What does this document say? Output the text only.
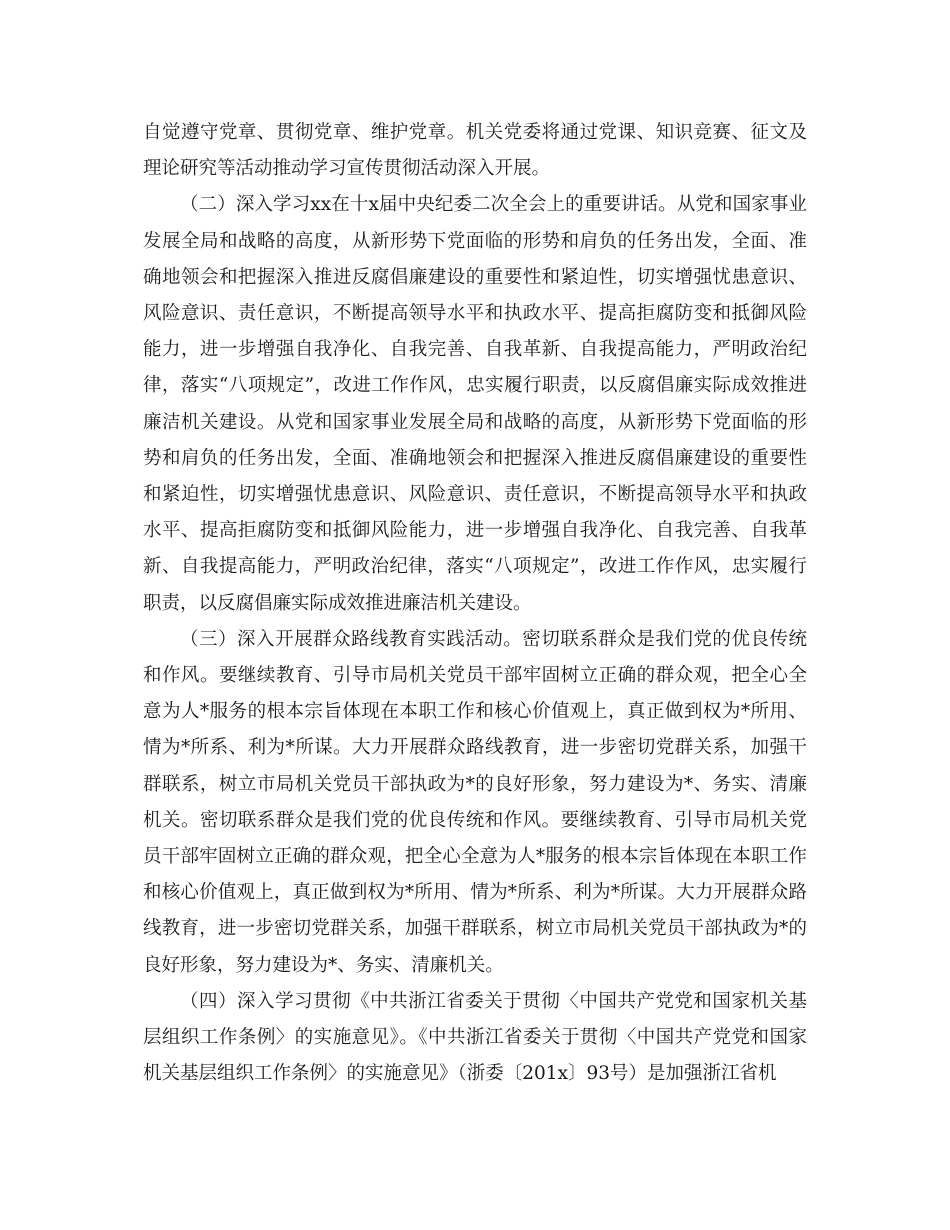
自觉遵守党章、贯彻党章、维护党章。机关党委将通过党课、知识竞赛、征文及理论研究等活动推动学习宣传贯彻活动深入开展。

（二）深入学习xx在十x届中央纪委二次全会上的重要讲话。从党和国家事业发展全局和战略的高度，从新形势下党面临的形势和肩负的任务出发，全面、准确地领会和把握深入推进反腐倡廉建设的重要性和紧迫性，切实增强忧患意识、风险意识、责任意识，不断提高领导水平和执政水平、提高拒腐防变和抵御风险能力，进一步增强自我净化、自我完善、自我革新、自我提高能力，严明政治纪律，落实“八项规定”，改进工作作风，忠实履行职责，以反腐倡廉实际成效推进廉洁机关建设。从党和国家事业发展全局和战略的高度，从新形势下党面临的形势和肩负的任务出发，全面、准确地领会和把握深入推进反腐倡廉建设的重要性和紧迫性，切实增强忧患意识、风险意识、责任意识，不断提高领导水平和执政水平、提高拒腐防变和抵御风险能力，进一步增强自我净化、自我完善、自我革新、自我提高能力，严明政治纪律，落实“八项规定”，改进工作作风，忠实履行职责，以反腐倡廉实际成效推进廉洁机关建设。

（三）深入开展群众路线教育实践活动。密切联系群众是我们党的优良传统和作风。要继续教育、引导市局机关党员干部牢固树立正确的群众观，把全心全意为人*服务的根本宗旨体现在本职工作和核心价值观上，真正做到权为*所用、情为*所系、利为*所谋。大力开展群众路线教育，进一步密切党群关系，加强干群联系，树立市局机关党员干部执政为*的良好形象，努力建设为*、务实、清廉机关。密切联系群众是我们党的优良传统和作风。要继续教育、引导市局机关党员干部牢固树立正确的群众观，把全心全意为人*服务的根本宗旨体现在本职工作和核心价值观上，真正做到权为*所用、情为*所系、利为*所谋。大力开展群众路线教育，进一步密切党群关系，加强干群联系，树立市局机关党员干部执政为*的良好形象，努力建设为*、务实、清廉机关。

（四）深入学习贯彻《中共浙江省委关于贯彻〈中国共产党党和国家机关基层组织工作条例〉的实施意见》。《中共浙江省委关于贯彻〈中国共产党党和国家机关基层组织工作条例〉的实施意见》（浙委〔201x〕93号）是加强浙江省机
